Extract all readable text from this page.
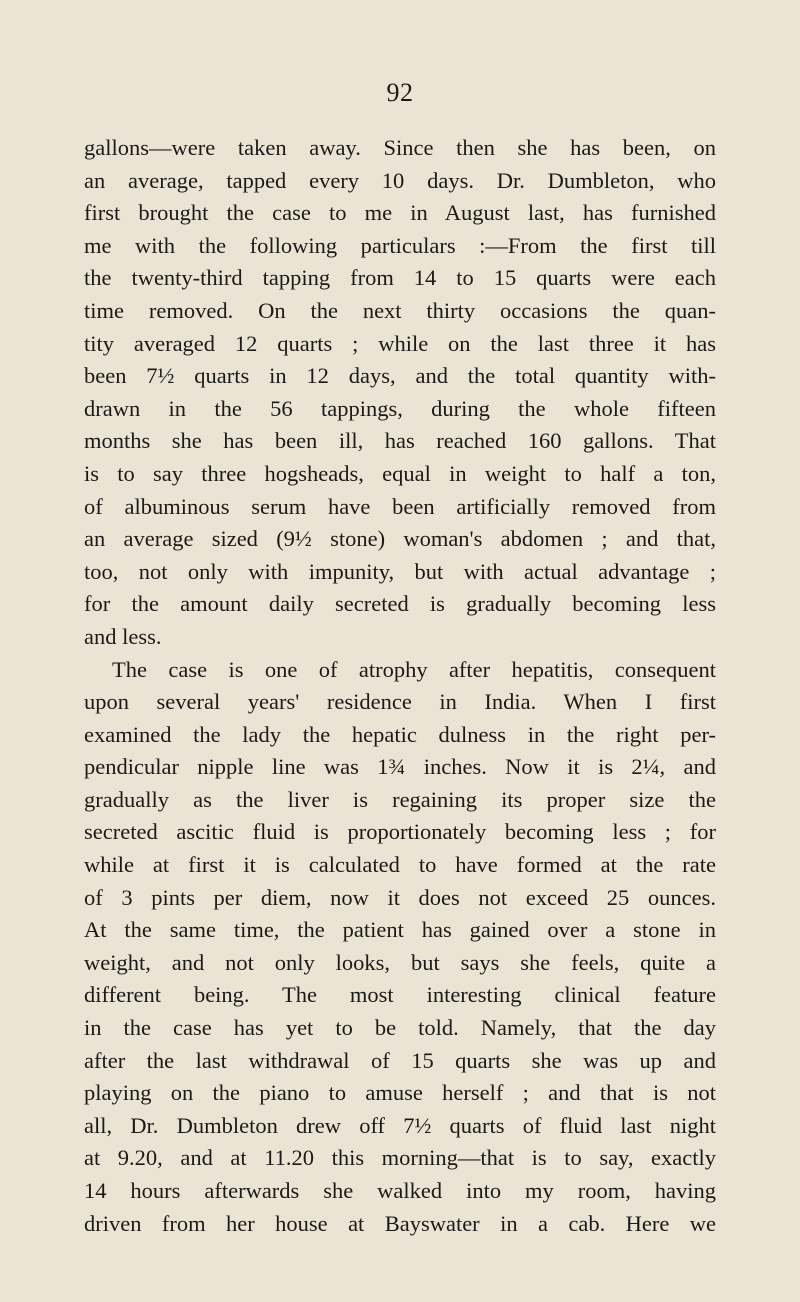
92
gallons—were taken away. Since then she has been, on
an average, tapped every 10 days. Dr. Dumbleton, who
first brought the case to me in August last, has furnished
me with the following particulars :—From the first till
the twenty-third tapping from 14 to 15 quarts were each
time removed. On the next thirty occasions the quan-
tity averaged 12 quarts ; while on the last three it has
been 7½ quarts in 12 days, and the total quantity with-
drawn in the 56 tappings, during the whole fifteen
months she has been ill, has reached 160 gallons. That
is to say three hogsheads, equal in weight to half a ton,
of albuminous serum have been artificially removed from
an average sized (9½ stone) woman's abdomen ; and that,
too, not only with impunity, but with actual advantage ;
for the amount daily secreted is gradually becoming less
and less.
The case is one of atrophy after hepatitis, consequent
upon several years' residence in India. When I first
examined the lady the hepatic dulness in the right per-
pendicular nipple line was 1¾ inches. Now it is 2¼, and
gradually as the liver is regaining its proper size the
secreted ascitic fluid is proportionately becoming less ; for
while at first it is calculated to have formed at the rate
of 3 pints per diem, now it does not exceed 25 ounces.
At the same time, the patient has gained over a stone in
weight, and not only looks, but says she feels, quite a
different being. The most interesting clinical feature
in the case has yet to be told. Namely, that the day
after the last withdrawal of 15 quarts she was up and
playing on the piano to amuse herself ; and that is not
all, Dr. Dumbleton drew off 7½ quarts of fluid last night
at 9.20, and at 11.20 this morning—that is to say, exactly
14 hours afterwards she walked into my room, having
driven from her house at Bayswater in a cab. Here we
